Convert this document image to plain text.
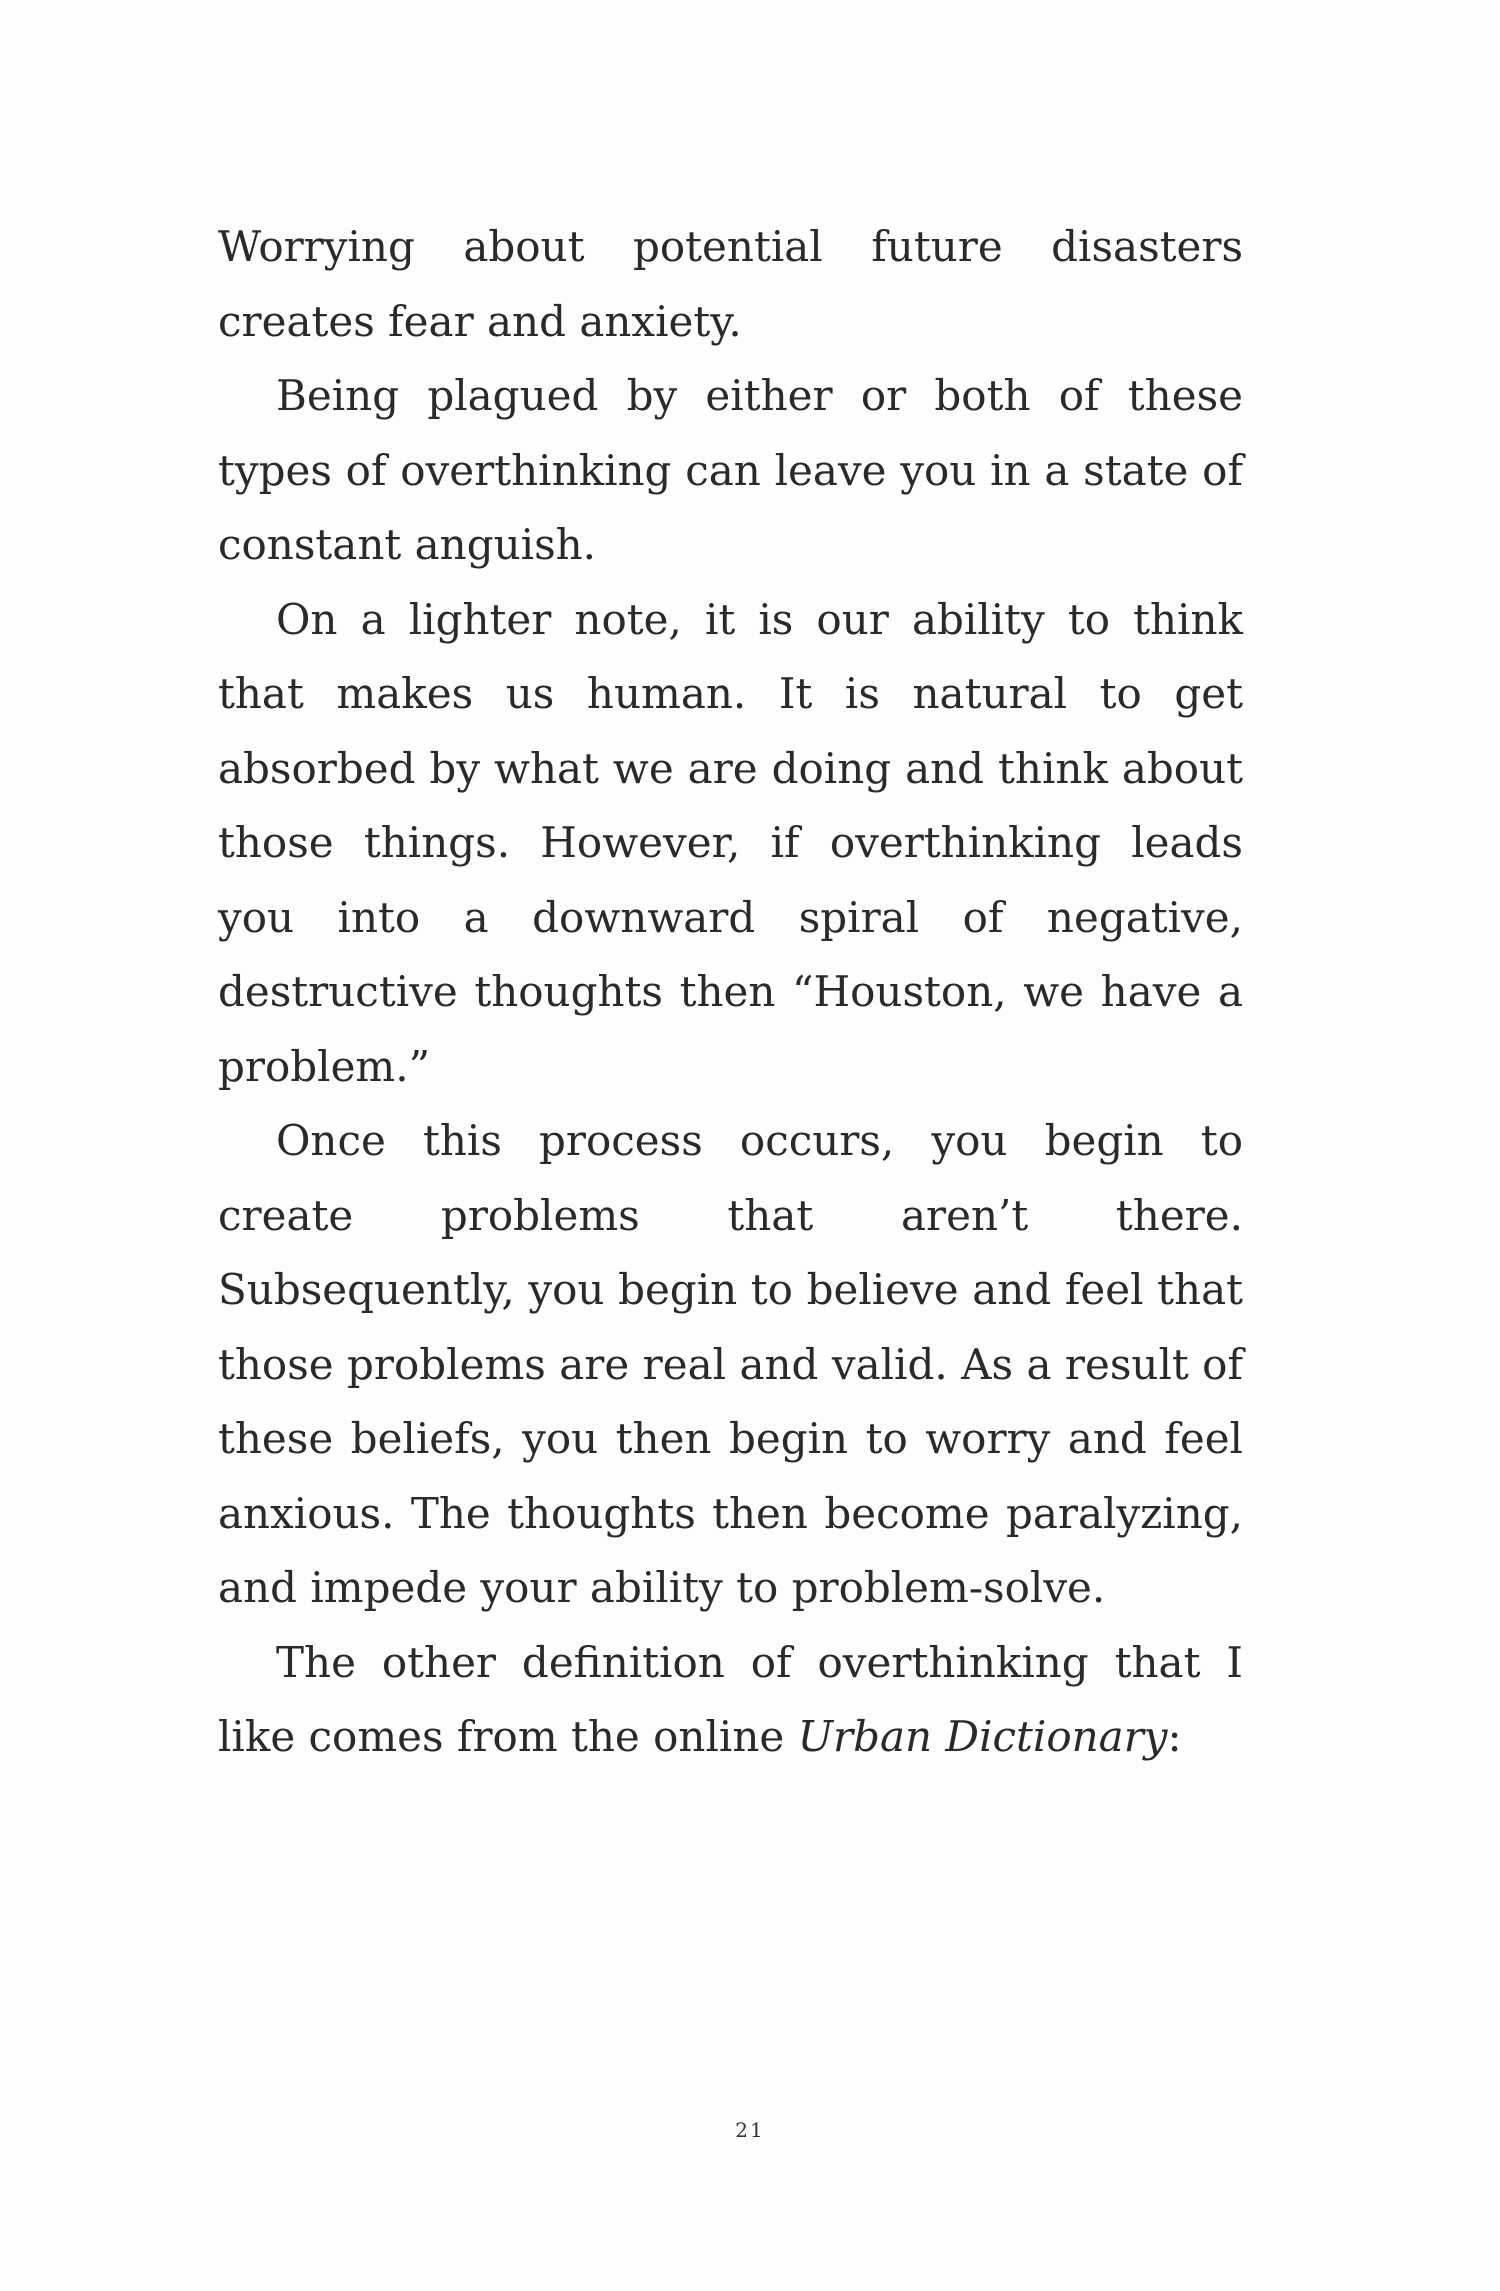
Worrying about potential future disasters creates fear and anxiety.

Being plagued by either or both of these types of overthinking can leave you in a state of constant anguish.

On a lighter note, it is our ability to think that makes us human. It is natural to get absorbed by what we are doing and think about those things. However, if overthinking leads you into a downward spiral of negative, destructive thoughts then “Houston, we have a problem.”

Once this process occurs, you begin to create problems that aren’t there. Subsequently, you begin to believe and feel that those problems are real and valid. As a result of these beliefs, you then begin to worry and feel anxious. The thoughts then become paralyzing, and impede your ability to problem-solve.

The other definition of overthinking that I like comes from the online Urban Dictionary:

21
